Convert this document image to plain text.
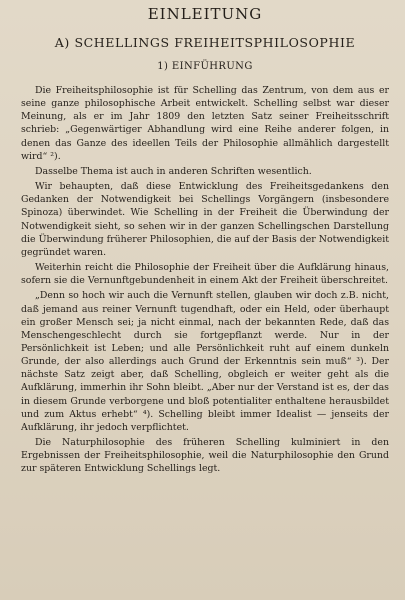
EINLEITUNG
A) SCHELLINGS FREIHEITSPHILOSOPHIE
1) EINFÜHRUNG

Die Freiheitsphilosophie ist für Schelling das Zentrum, von dem aus er seine ganze philosophische Arbeit entwickelt. Schelling selbst war dieser Meinung, als er im Jahr 1809 den letzten Satz seiner Freiheitsschrift schrieb: „Gegenwärtiger Abhandlung wird eine Reihe anderer folgen, in denen das Ganze des ideellen Teils der Philosophie allmählich dargestellt wird“ ²).

Dasselbe Thema ist auch in anderen Schriften wesentlich.

Wir behaupten, daß diese Entwicklung des Freiheitsgedankens den Gedanken der Notwendigkeit bei Schellings Vorgängern (insbesondere Spinoza) überwindet. Wie Schelling in der Freiheit die Überwindung der Notwendigkeit sieht, so sehen wir in der ganzen Schellingschen Darstellung die Überwindung früherer Philosophien, die auf der Basis der Notwendigkeit gegründet waren.

Weiterhin reicht die Philosophie der Freiheit über die Aufklärung hinaus, sofern sie die Vernunftgebundenheit in einem Akt der Freiheit überschreitet.

„Denn so hoch wir auch die Vernunft stellen, glauben wir doch z.B. nicht, daß jemand aus reiner Vernunft tugendhaft, oder ein Held, oder überhaupt ein großer Mensch sei; ja nicht einmal, nach der bekannten Rede, daß das Menschengeschlecht durch sie fortgepflanzt werde. Nur in der Persönlichkeit ist Leben; und alle Persönlichkeit ruht auf einem dunkeln Grunde, der also allerdings auch Grund der Erkenntnis sein muß“ ³). Der nächste Satz zeigt aber, daß Schelling, obgleich er weiter geht als die Aufklärung, immerhin ihr Sohn bleibt. „Aber nur der Verstand ist es, der das in diesem Grunde verborgene und bloß potentialiter enthaltene herausbildet und zum Aktus erhebt“ ⁴). Schelling bleibt immer Idealist — jenseits der Aufklärung, ihr jedoch verpflichtet.

Die Naturphilosophie des früheren Schelling kulminiert in den Ergebnissen der Freiheitsphilosophie, weil die Naturphilosophie den Grund zur späteren Entwicklung Schellings legt.
